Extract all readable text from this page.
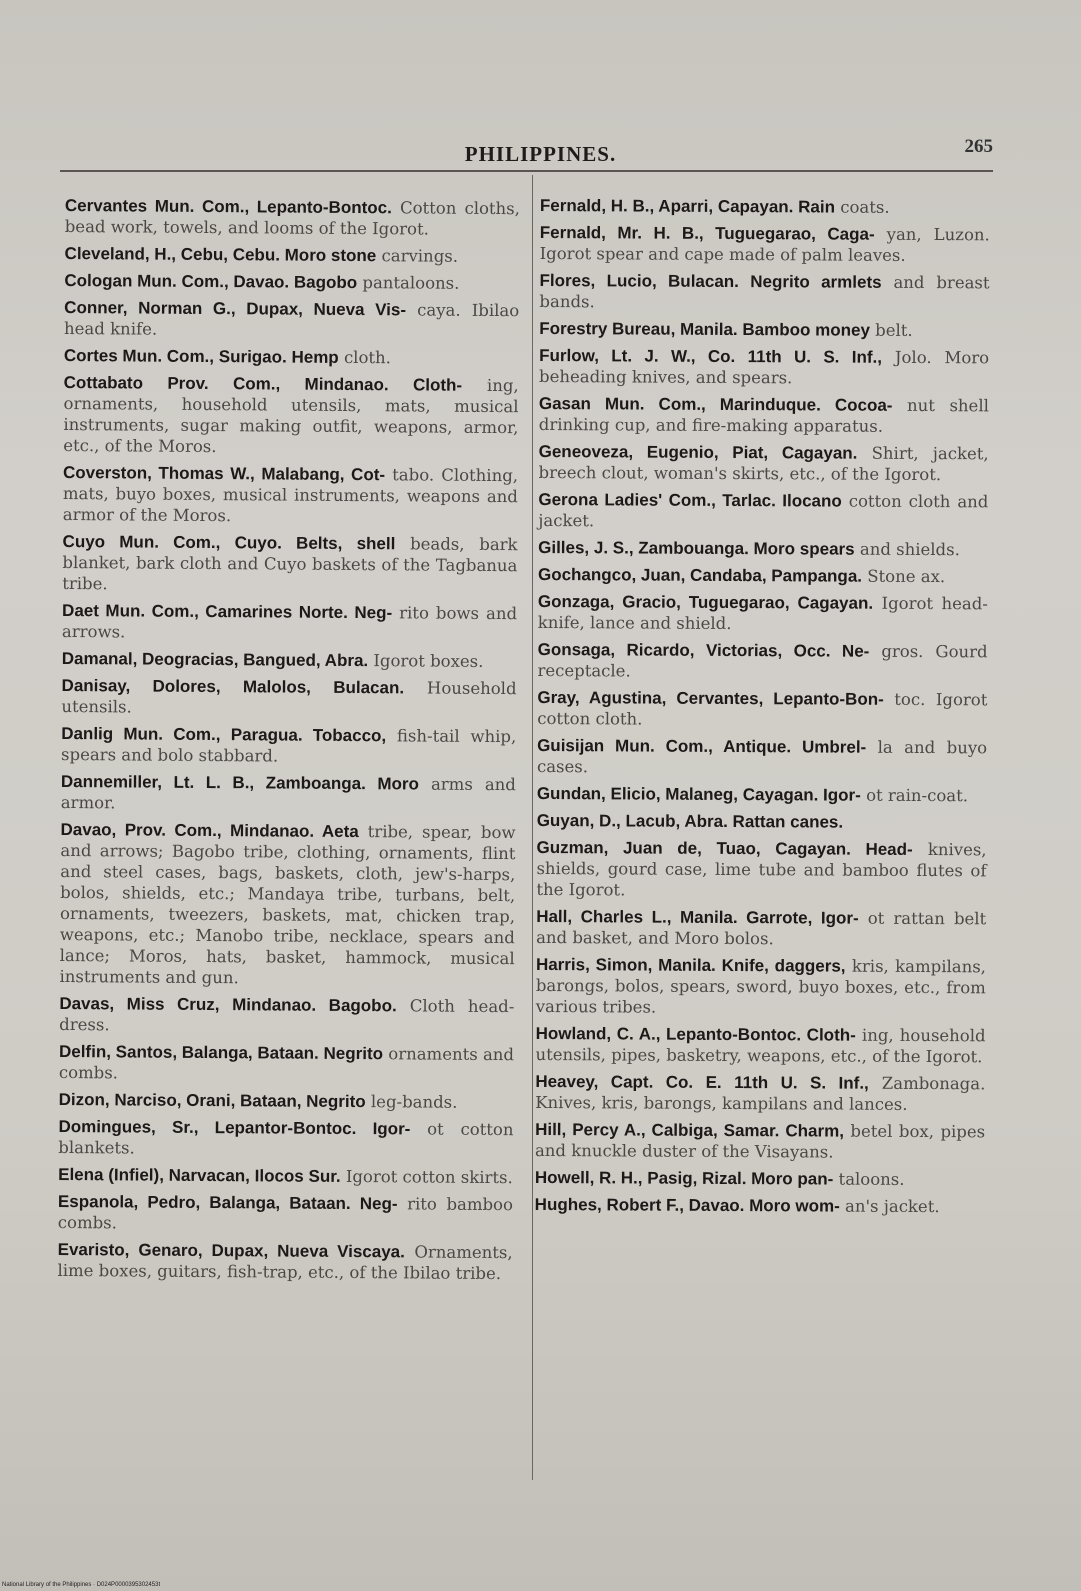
PHILIPPINES.	265
Cervantes Mun. Com., Lepanto-Bontoc. Cotton cloths, bead work, towels, and looms of the Igorot.
Cleveland, H., Cebu, Cebu. Moro stone carvings.
Cologan Mun. Com., Davao. Bagobo pantaloons.
Conner, Norman G., Dupax, Nueva Vis- caya. Ibilao head knife.
Cortes Mun. Com., Surigao. Hemp cloth.
Cottabato Prov. Com., Mindanao. Cloth- ing, ornaments, household utensils, mats, musical instruments, sugar making outfit, weapons, armor, etc., of the Moros.
Coverston, Thomas W., Malabang, Cot- tabo. Clothing, mats, buyo boxes, musical instruments, weapons and armor of the Moros.
Cuyo Mun. Com., Cuyo. Belts, shell beads, bark blanket, bark cloth and Cuyo baskets of the Tagbanua tribe.
Daet Mun. Com., Camarines Norte. Neg- rito bows and arrows.
Damanal, Deogracias, Bangued, Abra. Igorot boxes.
Danisay, Dolores, Malolos, Bulacan. Household utensils.
Danlig Mun. Com., Paragua. Tobacco, fish-tail whip, spears and bolo stabbard.
Dannemiller, Lt. L. B., Zamboanga. Moro arms and armor.
Davao, Prov. Com., Mindanao. Aeta tribe, spear, bow and arrows; Bagobo tribe, clothing, ornaments, flint and steel cases, bags, baskets, cloth, jew's-harps, bolos, shields, etc.; Mandaya tribe, turbans, belt, ornaments, tweezers, baskets, mat, chicken trap, weapons, etc.; Manobo tribe, necklace, spears and lance; Moros, hats, basket, hammock, musical instruments and gun.
Davas, Miss Cruz, Mindanao. Bagobo. Cloth head-dress.
Delfin, Santos, Balanga, Bataan. Negrito ornaments and combs.
Dizon, Narciso, Orani, Bataan, Negrito leg-bands.
Domingues, Sr., Lepantor-Bontoc. Igor- ot cotton blankets.
Elena (Infiel), Narvacan, Ilocos Sur. Igorot cotton skirts.
Espanola, Pedro, Balanga, Bataan. Neg- rito bamboo combs.
Evaristo, Genaro, Dupax, Nueva Viscaya. Ornaments, lime boxes, guitars, fish-trap, etc., of the Ibilao tribe.
Fernald, H. B., Aparri, Capayan. Rain coats.
Fernald, Mr. H. B., Tuguegarao, Caga- yan, Luzon. Igorot spear and cape made of palm leaves.
Flores, Lucio, Bulacan. Negrito armlets and breast bands.
Forestry Bureau, Manila. Bamboo money belt.
Furlow, Lt. J. W., Co. 11th U. S. Inf., Jolo. Moro beheading knives, and spears.
Gasan Mun. Com., Marinduque. Cocoa- nut shell drinking cup, and fire-making apparatus.
Geneoveza, Eugenio, Piat, Cagayan. Shirt, jacket, breech clout, woman's skirts, etc., of the Igorot.
Gerona Ladies' Com., Tarlac. Ilocano cotton cloth and jacket.
Gilles, J. S., Zambouanga. Moro spears and shields.
Gochangco, Juan, Candaba, Pampanga. Stone ax.
Gonzaga, Gracio, Tuguegarao, Cagayan. Igorot head-knife, lance and shield.
Gonsaga, Ricardo, Victorias, Occ. Ne- gros. Gourd receptacle.
Gray, Agustina, Cervantes, Lepanto-Bon- toc. Igorot cotton cloth.
Guisijan Mun. Com., Antique. Umbrel- la and buyo cases.
Gundan, Elicio, Malaneg, Cayagan. Igor- ot rain-coat.
Guyan, D., Lacub, Abra. Rattan canes.
Guzman, Juan de, Tuao, Cagayan. Head- knives, shields, gourd case, lime tube and bamboo flutes of the Igorot.
Hall, Charles L., Manila. Garrote, Igor- ot rattan belt and basket, and Moro bolos.
Harris, Simon, Manila. Knife, daggers, kris, kampilans, barongs, bolos, spears, sword, buyo boxes, etc., from various tribes.
Howland, C. A., Lepanto-Bontoc. Cloth- ing, household utensils, pipes, basketry, weapons, etc., of the Igorot.
Heavey, Capt. Co. E. 11th U. S. Inf., Zambonaga. Knives, kris, barongs, kampilans and lances.
Hill, Percy A., Calbiga, Samar. Charm, betel box, pipes and knuckle duster of the Visayans.
Howell, R. H., Pasig, Rizal. Moro pan- taloons.
Hughes, Robert F., Davao. Moro wom- an's jacket.
National Library of the Philippines · D024P0000395302453t
